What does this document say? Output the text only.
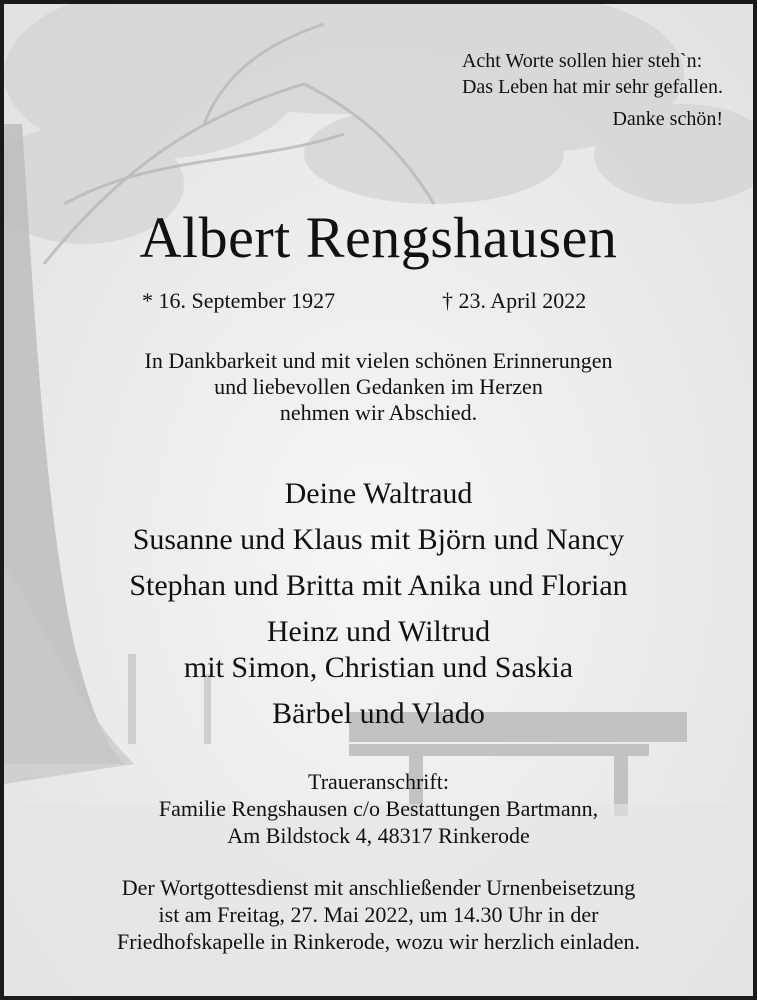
Acht Worte sollen hier steh`n:
Das Leben hat mir sehr gefallen.
Danke schön!
Albert Rengshausen
* 16. September 1927	† 23. April 2022
In Dankbarkeit und mit vielen schönen Erinnerungen
und liebevollen Gedanken im Herzen
nehmen wir Abschied.
Deine Waltraud
Susanne und Klaus mit Björn und Nancy
Stephan und Britta mit Anika und Florian
Heinz und Wiltrud
mit Simon, Christian und Saskia
Bärbel und Vlado
Traueranschrift:
Familie Rengshausen c/o Bestattungen Bartmann,
Am Bildstock 4, 48317 Rinkerode
Der Wortgottesdienst mit anschließender Urnenbeisetzung
ist am Freitag, 27. Mai 2022, um 14.30 Uhr in der
Friedhofskapelle in Rinkerode, wozu wir herzlich einladen.
